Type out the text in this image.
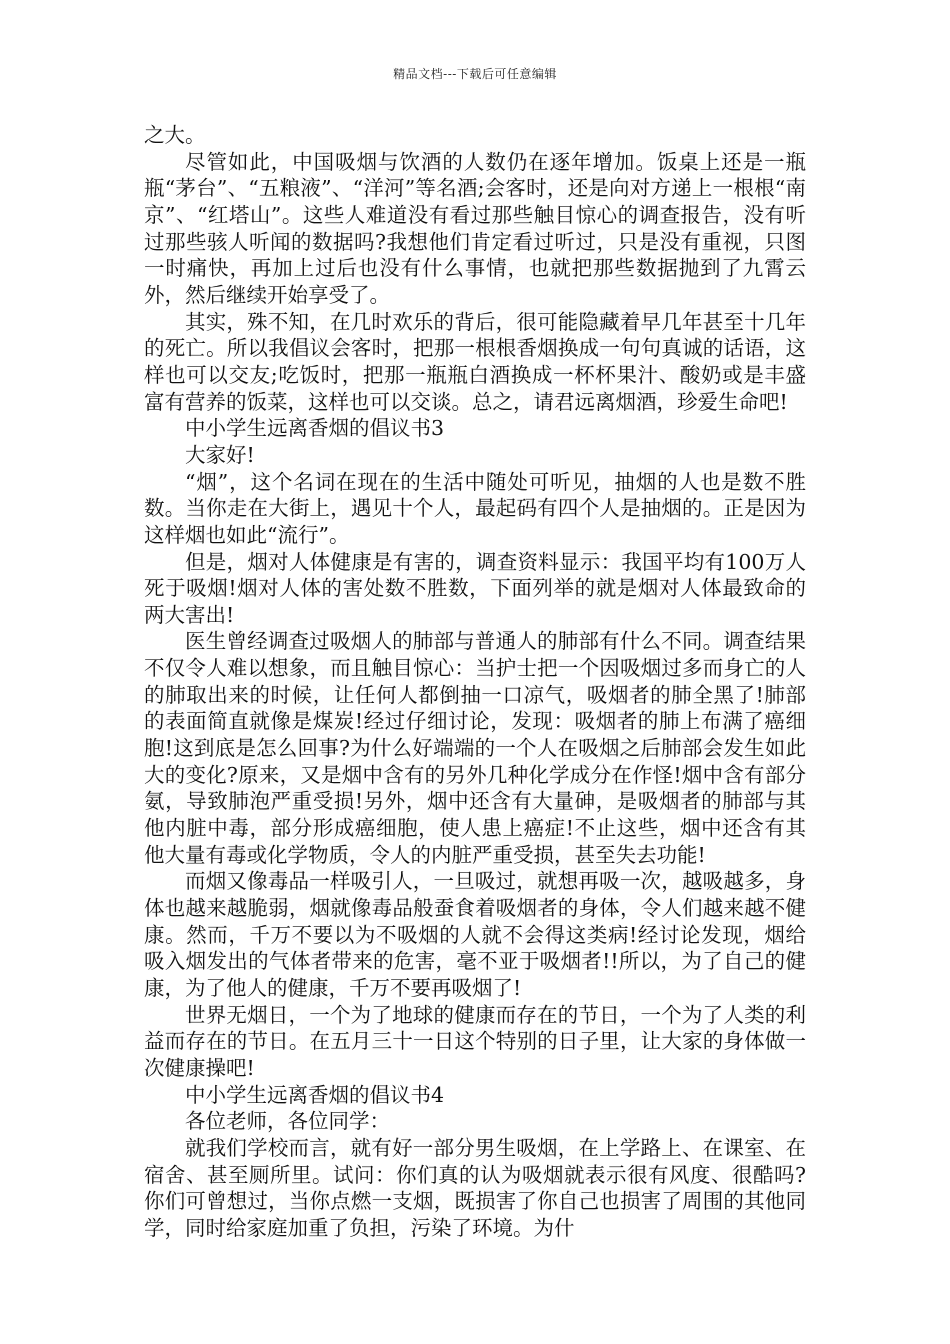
精品文档---下载后可任意编辑

之大。

尽管如此，中国吸烟与饮酒的人数仍在逐年增加。饭桌上还是一瓶瓶“茅台”、“五粮液”、“洋河”等名酒;会客时，还是向对方递上一根根“南京”、“红塔山”。这些人难道没有看过那些触目惊心的调查报告，没有听过那些骇人听闻的数据吗?我想他们肯定看过听过，只是没有重视，只图一时痛快，再加上过后也没有什么事情，也就把那些数据抛到了九霄云外，然后继续开始享受了。

其实，殊不知，在几时欢乐的背后，很可能隐藏着早几年甚至十几年的死亡。所以我倡议会客时，把那一根根香烟换成一句句真诚的话语，这样也可以交友;吃饭时，把那一瓶瓶白酒换成一杯杯果汁、酸奶或是丰盛富有营养的饭菜，这样也可以交谈。总之，请君远离烟酒，珍爱生命吧!

中小学生远离香烟的倡议书3

大家好!

“烟”，这个名词在现在的生活中随处可听见，抽烟的人也是数不胜数。当你走在大街上，遇见十个人，最起码有四个人是抽烟的。正是因为这样烟也如此“流行”。

但是，烟对人体健康是有害的，调查资料显示：我国平均有100万人死于吸烟!烟对人体的害处数不胜数，下面列举的就是烟对人体最致命的两大害出!

医生曾经调查过吸烟人的肺部与普通人的肺部有什么不同。调查结果不仅令人难以想象，而且触目惊心：当护士把一个因吸烟过多而身亡的人的肺取出来的时候，让任何人都倒抽一口凉气，吸烟者的肺全黑了!肺部的表面简直就像是煤炭!经过仔细讨论，发现：吸烟者的肺上布满了癌细胞!这到底是怎么回事?为什么好端端的一个人在吸烟之后肺部会发生如此大的变化?原来，又是烟中含有的另外几种化学成分在作怪!烟中含有部分氨，导致肺泡严重受损!另外，烟中还含有大量砷，是吸烟者的肺部与其他内脏中毒，部分形成癌细胞，使人患上癌症!不止这些，烟中还含有其他大量有毒或化学物质，令人的内脏严重受损，甚至失去功能!

而烟又像毒品一样吸引人，一旦吸过，就想再吸一次，越吸越多，身体也越来越脆弱，烟就像毒品般蚕食着吸烟者的身体，令人们越来越不健康。然而，千万不要以为不吸烟的人就不会得这类病!经讨论发现，烟给吸入烟发出的气体者带来的危害，毫不亚于吸烟者!!所以，为了自己的健康，为了他人的健康，千万不要再吸烟了!

世界无烟日，一个为了地球的健康而存在的节日，一个为了人类的利益而存在的节日。在五月三十一日这个特别的日子里，让大家的身体做一次健康操吧!

中小学生远离香烟的倡议书4

各位老师，各位同学：

就我们学校而言，就有好一部分男生吸烟，在上学路上、在课室、在宿舍、甚至厕所里。试问：你们真的认为吸烟就表示很有风度、很酷吗?你们可曾想过，当你点燃一支烟，既损害了你自己也损害了周围的其他同学，同时给家庭加重了负担，污染了环境。为什
